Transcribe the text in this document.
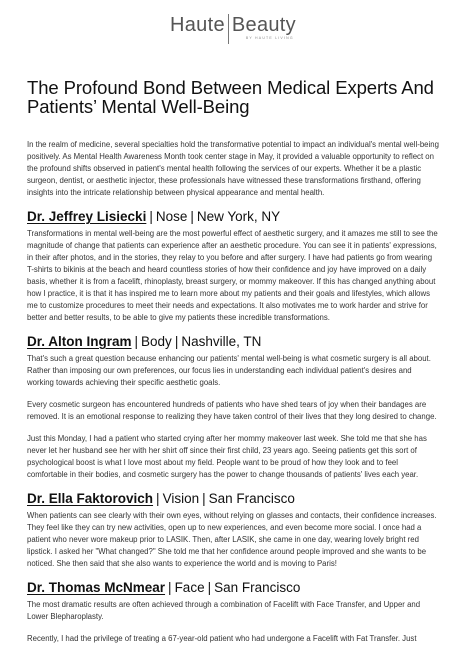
Haute Beauty
BY HAUTE LIVING
The Profound Bond Between Medical Experts And Patients’ Mental Well-Being

In the realm of medicine, several specialties hold the transformative potential to impact an individual's mental well-being positively. As Mental Health Awareness Month took center stage in May, it provided a valuable opportunity to reflect on the profound shifts observed in patient's mental health following the services of our experts. Whether it be a plastic surgeon, dentist, or aesthetic injector, these professionals have witnessed these transformations firsthand, offering insights into the intricate relationship between physical appearance and mental health.

Dr. Jeffrey Lisiecki | Nose | New York, NY

Transformations in mental well-being are the most powerful effect of aesthetic surgery, and it amazes me still to see the magnitude of change that patients can experience after an aesthetic procedure. You can see it in patients' expressions, in their after photos, and in the stories, they relay to you before and after surgery. I have had patients go from wearing T-shirts to bikinis at the beach and heard countless stories of how their confidence and joy have improved on a daily basis, whether it is from a facelift, rhinoplasty, breast surgery, or mommy makeover. If this has changed anything about how I practice, it is that it has inspired me to learn more about my patients and their goals and lifestyles, which allows me to customize procedures to meet their needs and expectations. It also motivates me to work harder and strive for better and better results, to be able to give my patients these incredible transformations.

Dr. Alton Ingram | Body | Nashville, TN

That's such a great question because enhancing our patients' mental well-being is what cosmetic surgery is all about. Rather than imposing our own preferences, our focus lies in understanding each individual patient's desires and working towards achieving their specific aesthetic goals.

Every cosmetic surgeon has encountered hundreds of patients who have shed tears of joy when their bandages are removed. It is an emotional response to realizing they have taken control of their lives that they long desired to change.

Just this Monday, I had a patient who started crying after her mommy makeover last week. She told me that she has never let her husband see her with her shirt off since their first child, 23 years ago. Seeing patients get this sort of psychological boost is what I love most about my field. People want to be proud of how they look and to feel comfortable in their bodies, and cosmetic surgery has the power to change thousands of patients' lives each year.

Dr. Ella Faktorovich | Vision | San Francisco

When patients can see clearly with their own eyes, without relying on glasses and contacts, their confidence increases. They feel like they can try new activities, open up to new experiences, and even become more social. I once had a patient who never wore makeup prior to LASIK. Then, after LASIK, she came in one day, wearing lovely bright red lipstick. I asked her "What changed?" She told me that her confidence around people improved and she wants to be noticed. She then said that she also wants to experience the world and is moving to Paris!

Dr. Thomas McNmear | Face | San Francisco

The most dramatic results are often achieved through a combination of Facelift with Face Transfer, and Upper and Lower Blepharoplasty.

Recently, I had the privilege of treating a 67-year-old patient who had undergone a Facelift with Fat Transfer. Just
